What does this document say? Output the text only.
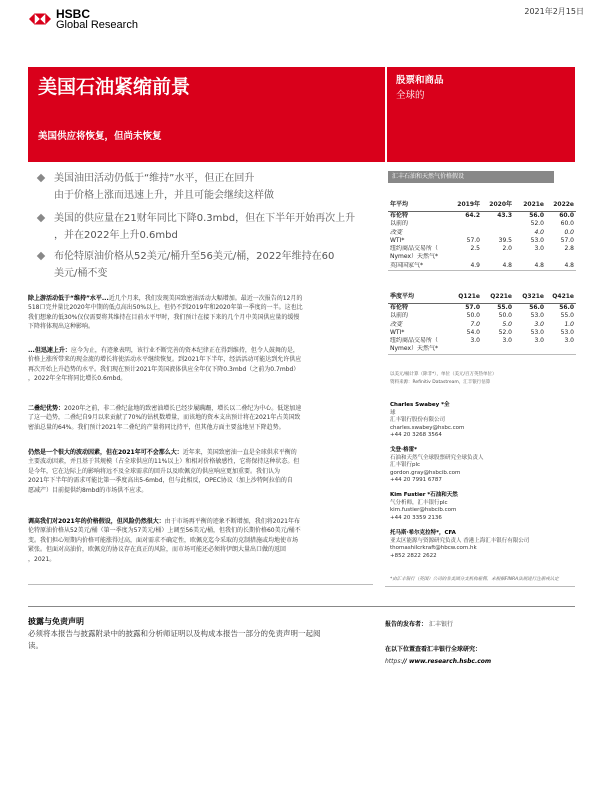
HSBC
Global Research
2021年2月15日
美国石油紧缩前景
美国供应将恢复，但尚未恢复
股票和商品
全球的
美国油田活动仍低于“维持”水平，但正在回升
由于价格上涨而迅速上升，并且可能会继续这样做
美国的供应量在21财年同比下降0.3mbd，但在下半年开始再次上升
，并在2022年上升0.6mbd
布伦特原油价格从52美元/桶升至56美元/桶，2022年维持在60
美元/桶不变
除上游活动低于“维持”水平...近几个月来，我们发现美国致密油活动大幅增加。最近一次报告的12月的
518口完井量比2020年中期的低点高出50%以上，但仍不到2019年和2020年第一季度的一半。这也比
我们想象的低30%仅仅需要将其维持在目前水平甲时，我们预计在接下来的几个月中美国供应量的缓慢
下降将体现出这种影响。
...但迅速上升：应今为止，有迹象表明，该行业不断完善的资本纪律正在得到维持，但令人鼓舞的是，
价格上涨所带来的现金流的增长将使活动水平继续恢复。到2021年下半年，经活活动可能达到允许供应
再次开始上升趋势的水平。我们现在预计2021年美国液体供应全年仅下降0.3mbd（之前为0.7mbd）
，2022年全年将同比增长0.6mbd。
二叠纪优势：2020年之前，非二叠纪盆地的致密油增长已经步履蹒跚，增长以二叠纪为中心。低迷加速
了这一趋势，二叠纪自9月以来贡献了70%的钻机数增量，而该地的资本支出预计将在2021年占美国致
密油总量的64%。我们预计2021年二叠纪的产量将同比持平，但其他方面主要盆地呈下降趋势。
仍然是一个很大的波动因素，但在2021年可不会那么大：近年来，美国致密油一直是全球供求平衡的
主要波动因素，并且基于其规模（占全球供应的11%以上）和相对价格敏感性，它将保持这种状态。但
是今年，它在边际上的影响将远不及全球需求的回升以及欧佩克的供应响应更加重要。我们认为
2021年下半年的需求可能比第一季度高出5-6mbd，但与此相反，OPEC协议（加上沙特阿拉伯的自
愿减产）目前提供约8mbd的市场供不应求。
调高我们对2021年的价格假设，但风险仍然很大：由于市场再平衡的迹象不断增加，我们将2021年布
伦特原油价格从52美元/桶（第一季度为57美元/桶）上调至56美元/桶，但我们的长期价格60美元/桶不
变。我们担心短期内价格可能涨得过高，面对需求不确定性，欧佩克迄今采取的克制措施或均地使市场
紧张。但面对高油价，欧佩克的协议存在真正的风险，而市场可能还必须将伊朗大量出口做的返回
，2021。
汇丰石油和天然气价格假设
年平均	2019年	2020年	2021e	2022e
布伦特	64.2	43.3	56.0	60.0
以前的			52.0	60.0
改变			4.0	0.0
WTI*	57.0	39.5	53.0	57.0
纽约商品交易所（	2.5	2.0	3.0	2.8
Nymex）天然气*				
英国国家气*	4.9	4.8	4.8	4.8
季度平均	Q121e	Q221e	Q321e	Q421e
布伦特	57.0	55.0	56.0	56.0
以前的	50.0	50.0	53.0	55.0
改变	7.0	5.0	3.0	1.0
WTI*	54.0	52.0	53.0	53.0
纽约商品交易所（	3.0	3.0	3.0	3.0
Nymex）天然气*				
以美元/桶计算（除非*），单位（美元/百万英热单位）
资料来源：Refinitiv Datastream，汇丰银行估算
Charles Swabey *全
球
汇丰银行股份有限公司
charles.swabey@hsbc.com
+44 20 3268 3564
戈登·格雷*
石油和天然气全球股票研究全球负责人
汇丰银行plc
gordon.gray@hsbcib.com
+44 20 7991 6787
Kim Fustier *石油和天然
气分析师，汇丰银行plc
kim.fustier@hsbcib.com
+44 20 3359 2136
托马斯·希尔克拉特*，CFA
亚太区能源与资源研究负责人 香港上海汇丰银行有限公司
thomashilcrkraft@hbcw.com.hk
+852 2822 2622
*由汇丰银行（英国）公司的非美国分支机构雇佣，未根据FINRA法规进行注册或认定
披露与免责声明
必须将本报告与披露附录中的披露和分析师证明以及构成本报告一部分的免责声明一起阅
读。
报告的发布者： 汇丰银行
在以下位置查看汇丰银行全球研究：
https:// www.research.hsbc.com
